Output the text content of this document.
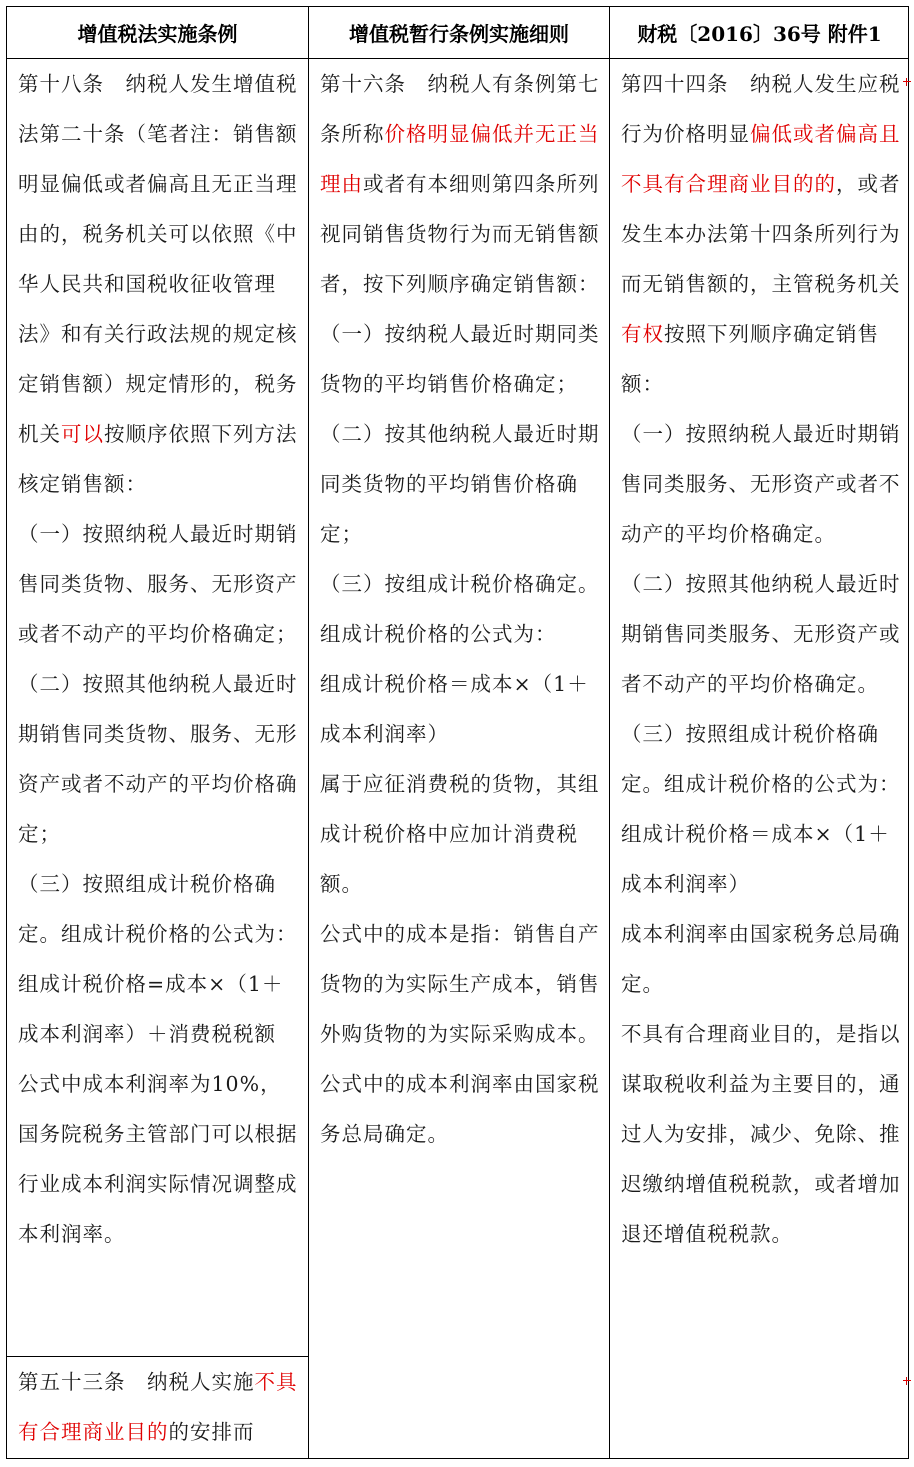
增值税法实施条例	增值税暂行条例实施细则	财税〔2016〕36号 附件1

第十八条　纳税人发生增值税法第二十条（笔者注：销售额明显偏低或者偏高且无正当理由的，税务机关可以依照《中华人民共和国税收征收管理法》和有关行政法规的规定核定销售额）规定情形的，税务机关可以按顺序依照下列方法核定销售额：

（一）按照纳税人最近时期销售同类货物、服务、无形资产或者不动产的平均价格确定；

（二）按照其他纳税人最近时期销售同类货物、服务、无形资产或者不动产的平均价格确定；

（三）按照组成计税价格确定。组成计税价格的公式为：

组成计税价格=成本×（1＋成本利润率）＋消费税税额

公式中成本利润率为10%，国务院税务主管部门可以根据行业成本利润实际情况调整成本利润率。

第五十三条　纳税人实施不具有合理商业目的的安排而

第十六条　纳税人有条例第七条所称价格明显偏低并无正当理由或者有本细则第四条所列视同销售货物行为而无销售额者，按下列顺序确定销售额：

（一）按纳税人最近时期同类货物的平均销售价格确定；

（二）按其他纳税人最近时期同类货物的平均销售价格确定；

（三）按组成计税价格确定。

组成计税价格的公式为：

组成计税价格＝成本×（1＋成本利润率）

属于应征消费税的货物，其组成计税价格中应加计消费税额。

公式中的成本是指：销售自产货物的为实际生产成本，销售外购货物的为实际采购成本。公式中的成本利润率由国家税务总局确定。

第四十四条　纳税人发生应税行为价格明显偏低或者偏高且不具有合理商业目的的，或者发生本办法第十四条所列行为而无销售额的，主管税务机关有权按照下列顺序确定销售额：

（一）按照纳税人最近时期销售同类服务、无形资产或者不动产的平均价格确定。

（二）按照其他纳税人最近时期销售同类服务、无形资产或者不动产的平均价格确定。

（三）按照组成计税价格确定。组成计税价格的公式为：

组成计税价格＝成本×（1＋成本利润率）

成本利润率由国家税务总局确定。

不具有合理商业目的，是指以谋取税收利益为主要目的，通过人为安排，减少、免除、推迟缴纳增值税税款，或者增加退还增值税税款。
